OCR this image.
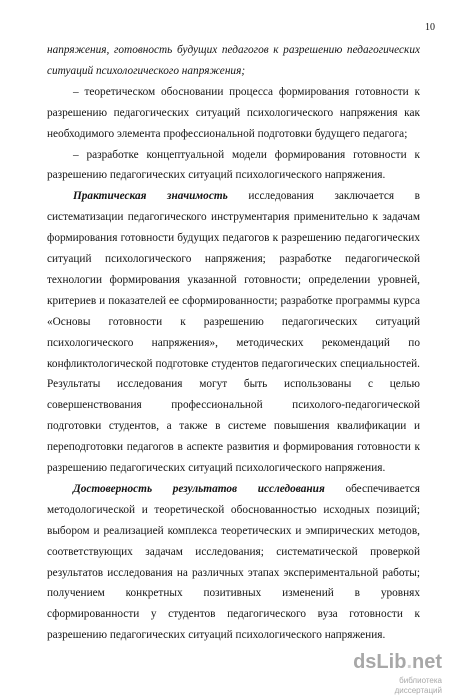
10
напряжения, готовность будущих педагогов к разрешению педагогических
ситуаций психологического напряжения;
– теоретическом обосновании процесса формирования готовности к
разрешению педагогических ситуаций психологического напряжения как
необходимого элемента профессиональной подготовки будущего педагога;
– разработке концептуальной модели формирования готовности к
разрешению педагогических ситуаций психологического напряжения.
Практическая значимость исследования заключается в
систематизации педагогического инструментария применительно к задачам
формирования готовности будущих педагогов к разрешению педагогических
ситуаций психологического напряжения; разработке педагогической
технологии формирования указанной готовности; определении уровней,
критериев и показателей ее сформированности; разработке программы курса
«Основы готовности к разрешению педагогических ситуаций
психологического напряжения», методических рекомендаций по
конфликтологической подготовке студентов педагогических специальностей.
Результаты исследования могут быть использованы с целью
совершенствования профессиональной психолого-педагогической
подготовки студентов, а также в системе повышения квалификации и
переподготовки педагогов в аспекте развития и формирования готовности к
разрешению педагогических ситуаций психологического напряжения.
Достоверность результатов исследования обеспечивается
методологической и теоретической обоснованностью исходных позиций;
выбором и реализацией комплекса теоретических и эмпирических методов,
соответствующих задачам исследования; систематической проверкой
результатов исследования на различных этапах экспериментальной работы;
получением конкретных позитивных изменений в уровнях
сформированности у студентов педагогического вуза готовности к
разрешению педагогических ситуаций психологического напряжения.
dsLib.net
библиотека диссертаций
